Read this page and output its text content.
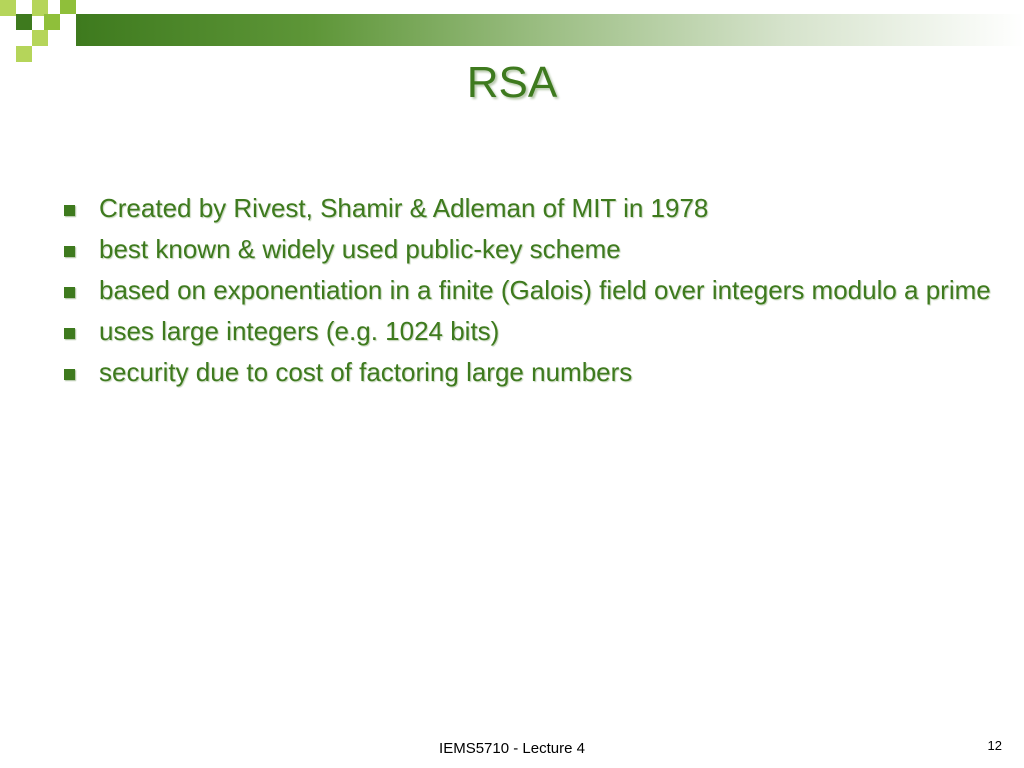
RSA
Created by Rivest, Shamir & Adleman of MIT in 1978
best known & widely used public-key scheme
based on exponentiation in a finite (Galois) field over integers modulo a prime
uses large integers (e.g. 1024 bits)
security due to cost of factoring large numbers
IEMS5710 - Lecture 4	12
